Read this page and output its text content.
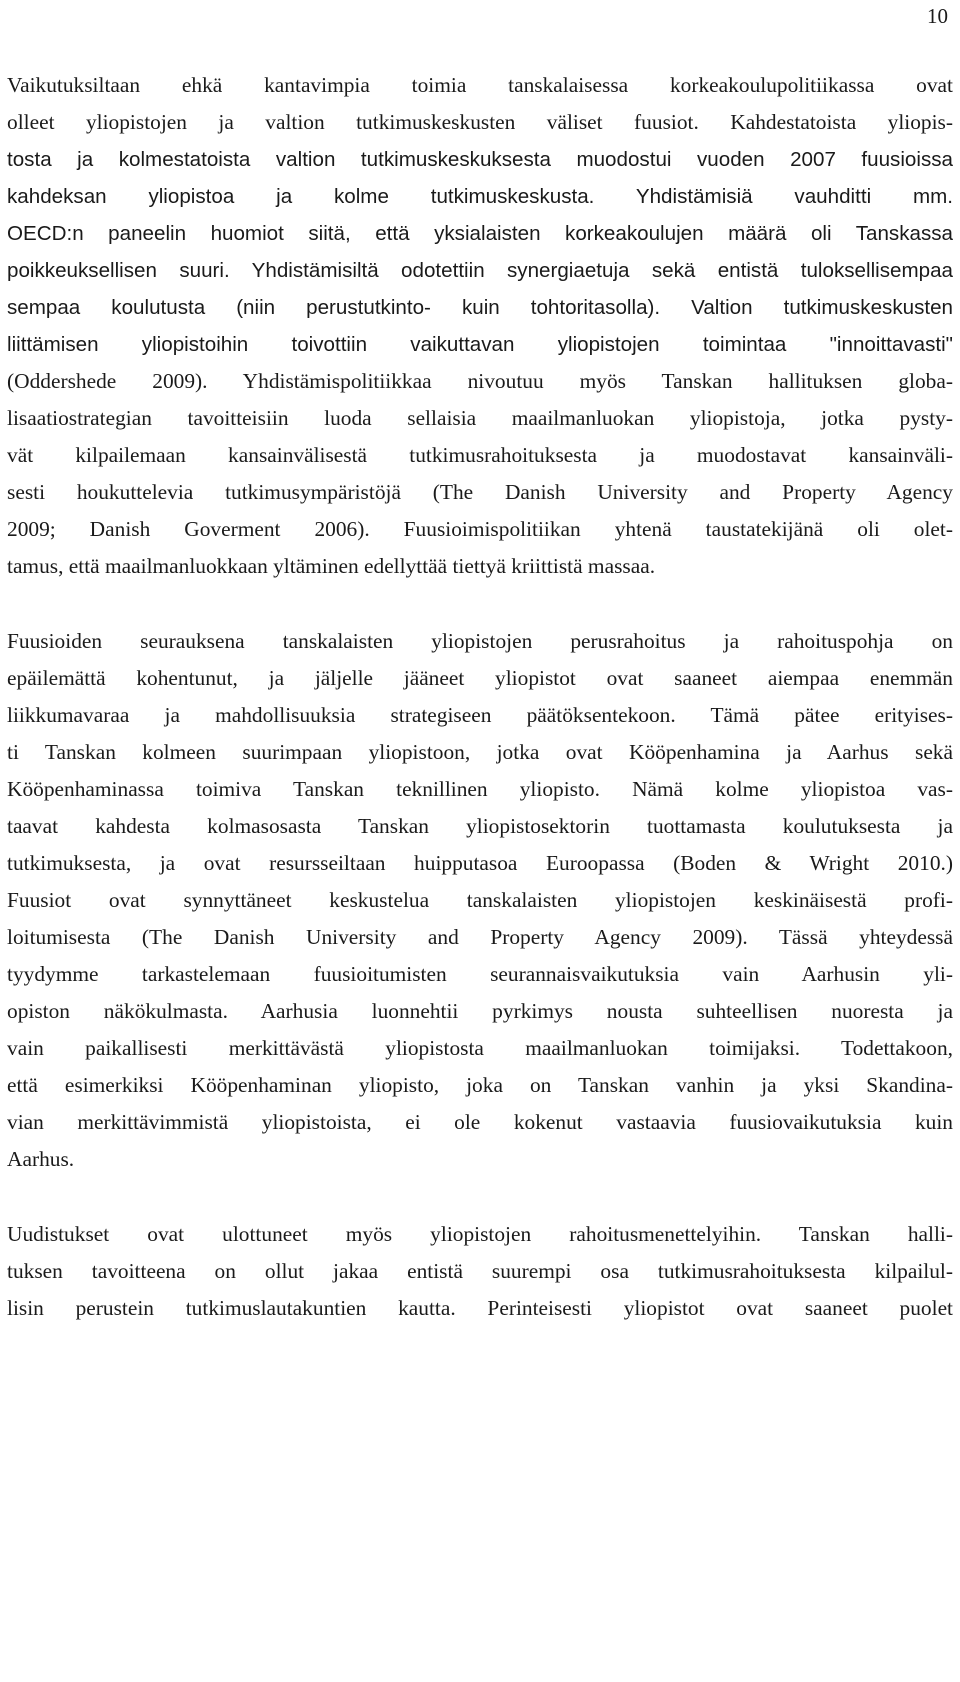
10

Vaikutuksiltaan ehkä kantavimpia toimia tanskalaisessa korkeakoulupolitiikassa ovat
olleet yliopistojen ja valtion tutkimuskeskusten väliset fuusiot. Kahdestatoista yliopis-
tosta ja kolmestatoista valtion tutkimuskeskuksesta muodostui vuoden 2007 fuusioissa
kahdeksan yliopistoa ja kolme tutkimuskeskusta. Yhdistämisiä vauhditti mm.
OECD:n paneelin huomiot siitä, että yksialaisten korkeakoulujen määrä oli Tanskassa
poikkeuksellisen suuri. Yhdistämisiltä odotettiin synergiaetuja sekä entistä tuloksellisempaa
sempaa koulutusta (niin perustutkinto- kuin tohtoritasolla). Valtion tutkimuskeskusten
liittämisen yliopistoihin toivottiin vaikuttavan yliopistojen toimintaa "innoittavasti"
(Oddershede 2009). Yhdistämispolitiikkaa nivoutuu myös Tanskan hallituksen globa-
lisaatiostrategian tavoitteisiin luoda sellaisia maailmanluokan yliopistoja, jotka pysty-
vät kilpailemaan kansainvälisestä tutkimusrahoituksesta ja muodostavat kansainväli-
sesti houkuttelevia tutkimusympäristöjä (The Danish University and Property Agency
2009; Danish Goverment 2006). Fuusioimispolitiikan yhtenä taustatekijänä oli olet-
tamus, että maailmanluokkaan yltäminen edellyttää tiettyä kriittistä massaa.

Fuusioiden seurauksena tanskalaisten yliopistojen perusrahoitus ja rahoituspohja on
epäilemättä kohentunut, ja jäljelle jääneet yliopistot ovat saaneet aiempaa enemmän
liikkumavaraa ja mahdollisuuksia strategiseen päätöksentekoon. Tämä pätee erityises-
ti Tanskan kolmeen suurimpaan yliopistoon, jotka ovat Kööpenhamina ja Aarhus sekä
Kööpenhaminassa toimiva Tanskan teknillinen yliopisto. Nämä kolme yliopistoa vas-
taavat kahdesta kolmasosasta Tanskan yliopistosektorin tuottamasta koulutuksesta ja
tutkimuksesta, ja ovat resursseiltaan huipputasoa Euroopassa (Boden & Wright 2010.)
Fuusiot ovat synnyttäneet keskustelua tanskalaisten yliopistojen keskinäisestä profi-
loitumisesta (The Danish University and Property Agency 2009). Tässä yhteydessä
tyydymme tarkastelemaan fuusioitumisten seurannaisvaikutuksia vain Aarhusin yli-
opiston näkökulmasta. Aarhusia luonnehtii pyrkimys nousta suhteellisen nuoresta ja
vain paikallisesti merkittävästä yliopistosta maailmanluokan toimijaksi. Todettakoon,
että esimerkiksi Kööpenhaminan yliopisto, joka on Tanskan vanhin ja yksi Skandina-
vian merkittävimmistä yliopistoista, ei ole kokenut vastaavia fuusiovaikutuksia kuin
Aarhus.

Uudistukset ovat ulottuneet myös yliopistojen rahoitusmenettelyihin. Tanskan halli-
tuksen tavoitteena on ollut jakaa entistä suurempi osa tutkimusrahoituksesta kilpailul-
lisin perustein tutkimuslautakuntien kautta. Perinteisesti yliopistot ovat saaneet puolet
